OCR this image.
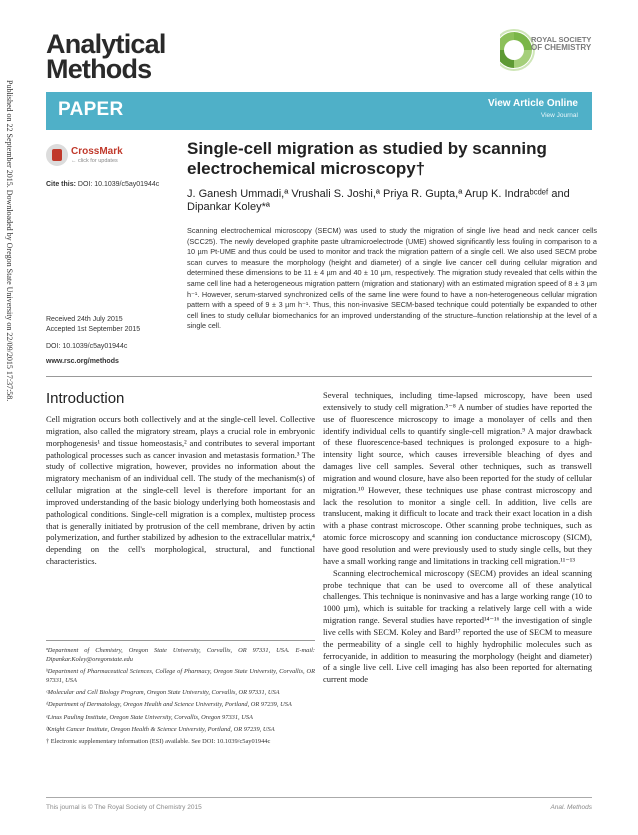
Analytical
Methods
ROYAL SOCIETY
OF CHEMISTRY
PAPER	View Article Online
View Journal
Published on 22 September 2015. Downloaded by Oregon State University on 22/09/2015 17:37:58.	CrossMark
← click for updates
Cite this: DOI: 10.1039/c5ay01944c
Single-cell migration as studied by scanning electrochemical microscopy†
J. Ganesh Ummadi,ª Vrushali S. Joshi,ª Priya R. Gupta,ª Arup K. Indraᵇᶜᵈᵉᶠ and Dipankar Koley*ª
Scanning electrochemical microscopy (SECM) was used to study the migration of single live head and neck cancer cells (SCC25). The newly developed graphite paste ultramicroelectrode (UME) showed significantly less fouling in comparison to a 10 µm Pt-UME and thus could be used to monitor and track the migration pattern of a single cell. We also used SECM probe scan curves to measure the morphology (height and diameter) of a single live cancer cell during cellular migration and determined these dimensions to be 11 ± 4 µm and 40 ± 10 µm, respectively. The migration study revealed that cells within the same cell line had a heterogeneous migration pattern (migration and stationary) with an estimated migration speed of 8 ± 3 µm h⁻¹. However, serum-starved synchronized cells of the same line were found to have a non-heterogeneous cellular migration pattern with a speed of 9 ± 3 µm h⁻¹. Thus, this non-invasive SECM-based technique could potentially be expanded to other cell lines to study cellular biomechanics for an improved understanding of the structure–function relationship at the level of a single cell.
Received 24th July 2015
Accepted 1st September 2015
DOI: 10.1039/c5ay01944c
www.rsc.org/methods
Introduction

Cell migration occurs both collectively and at the single-cell level. Collective migration, also called the migratory stream, plays a crucial role in embryonic morphogenesis¹ and tissue homeostasis,² and contributes to several important pathological processes such as cancer invasion and metastasis formation.³ The study of collective migration, however, provides no information about the migratory mechanism of an individual cell. The study of the mechanism(s) of cellular migration at the single-cell level is therefore important for an improved understanding of the basic biology underlying both homeostasis and pathological conditions. Single-cell migration is a complex, multistep process that is generally initiated by protrusion of the cell membrane, driven by actin polymerization, and further stabilized by adhesion to the extracellular matrix,⁴ depending on the cell's morphological, structural, and functional characteristics.

Several techniques, including time-lapsed microscopy, have been used extensively to study cell migration.⁵⁻⁸ A number of studies have reported the use of fluorescence microscopy to image a monolayer of cells and then identify individual cells to quantify single-cell migration.⁹ A major drawback of these fluorescence-based techniques is prolonged exposure to a high-intensity light source, which causes irreversible bleaching of dyes and damages live cell samples. Several other techniques, such as transwell migration and wound closure, have also been reported for the study of cellular migration.¹⁰ However, these techniques use phase contrast microscopy and lack the resolution to monitor a single cell. In addition, live cells are translucent, making it difficult to locate and track their exact location in a dish with a phase contrast microscope. Other scanning probe techniques, such as atomic force microscopy and scanning ion conductance microscopy (SICM), have good resolution and were previously used to study single cells, but they have a small working range and limitations in tracking cell migration.¹¹⁻¹³

Scanning electrochemical microscopy (SECM) provides an ideal scanning probe technique that can be used to overcome all of these analytical challenges. This technique is noninvasive and has a large working range (10 to 1000 µm), which is suitable for tracking a relatively large cell with a wide migration range. Several studies have reported¹⁴⁻¹⁶ the investigation of single live cells with SECM. Koley and Bard¹⁷ reported the use of SECM to measure the permeability of a single cell to highly hydrophilic molecules such as ferrocyanide, in addition to measuring the morphology (height and diameter) of a single live cell. Live cell imaging has also been reported for alternating current mode

ªDepartment of Chemistry, Oregon State University, Corvallis, OR 97331, USA. E-mail: Dipankar.Koley@oregonstate.edu
ᵇDepartment of Pharmaceutical Sciences, College of Pharmacy, Oregon State University, Corvallis, OR 97331, USA
ᶜMolecular and Cell Biology Program, Oregon State University, Corvallis, OR 97331, USA
ᵈDepartment of Dermatology, Oregon Health and Science University, Portland, OR 97239, USA
ᵉLinus Pauling Institute, Oregon State University, Corvallis, Oregon 97331, USA
ᶠKnight Cancer Institute, Oregon Health & Science University, Portland, OR 97239, USA
† Electronic supplementary information (ESI) available. See DOI: 10.1039/c5ay01944c
This journal is © The Royal Society of Chemistry 2015	Anal. Methods
